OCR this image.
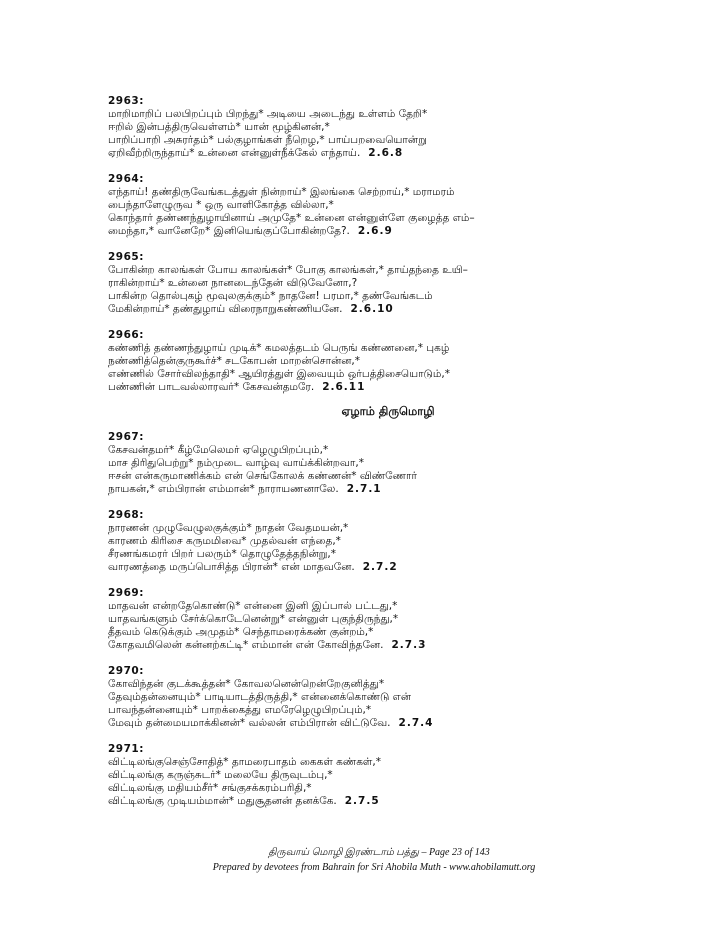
2963:
மாறிமாறிப் பலபிறப்பும் பிறந்து* அடியை அடைந்து உள்ளம் தேறி*
ஈறில் இன்பத்திருவெள்ளம்* யான் மூழ்கினன்,*
பாறிப்பாறி அசுரர்தம்* பல்குழாங்கள் நீறெழ,* பாய்பறவையொன்று
ஏறிவீற்றிருந்தாய்* உன்னை என்னுள்நீக்கேல் எந்தாய். 2.6.8
2964:
எந்தாய்! தண்திருவேங்கடத்துள் நின்றாய்* இலங்கை செற்றாய்,* மராமரம்
பைந்தாளேழுருவ * ஒரு வாளிகோத்த வில்லா,*
கொந்தார் தண்ணந்துழாயினாய் அமுதே* உன்னை என்னுள்ளே குழைத்த எம்–
மைந்தா,* வானேறே* இனியெங்குப்போகின்றதே?. 2.6.9
2965:
போகின்ற காலங்கள் போய காலங்கள்* போகு காலங்கள்,* தாய்தந்தை உயி–
ராகின்றாய்* உன்னை நானடைந்தேன் விடுவேனோ,?
பாகின்ற தொல்புகழ் மூவுலகுக்கும்* நாதனே! பரமா,* தண்வேங்கடம்
மேகின்றாய்* தண்துழாய் விரைநாறுகண்ணியனே. 2.6.10
2966:
கண்ணித் தண்ணந்துழாய் முடிக்* கமலத்தடம் பெருங் கண்ணனை,* புகழ்
நண்ணித்தென்குருகூர்ச்* சடகோபன் மாறன்சொன்ன,*
எண்ணில் சோர்விலந்தாதி* ஆயிரத்துள் இவையும் ஒர்பத்திசையொடும்,*
பண்ணின் பாடவல்லாரவர்* கேசவன்தமரே. 2.6.11
ஏழாம் திருமொழி
2967:
கேசவன்தமர்* கீழ்மேலெமர் ஏழெழுபிறப்பும்,*
மாச திரிதுபெற்று* நம்முடை வாழ்வு வாய்க்கின்றவா,*
ஈசன் என்கருமாணிக்கம் என் செங்கோலக் கண்ணன்* விண்ணோர்
நாயகன்,* எம்பிரான் எம்மான்* நாராயணனாலே. 2.7.1
2968:
நாரணன் முழுவேழுலகுக்கும்* நாதன் வேதமயன்,*
காரணம் கிரிசை கருமமிவை* முதல்வன் எந்தை,*
சீரணங்கமரர் பிறர் பலரும்* தொழுதேத்தநின்று,*
வாரணத்தை மருப்பொசித்த பிரான்* என் மாதவனே. 2.7.2
2969:
மாதவன் என்றதேகொண்டு* என்னை இனி இப்பால் பட்டது,*
யாதவங்களும் சேர்க்கொடேனென்று* என்னுள் புகுந்திருந்து,*
தீதவம் கெடுக்கும் அமுதம்* செந்தாமரைக்கண் குன்றம்,*
கோதவமிலென் கன்னற்கட்டி* எம்மான் என் கோவிந்தனே. 2.7.3
2970:
கோவிந்தன் குடக்கூத்தன்* கோவலனென்றென்றேகுனித்து*
தேவும்தன்னையும்* பாடியாடத்திருத்தி,* என்னைக்கொண்டு என்
பாவந்தன்னையும்* பாறக்கைத்து எமரேழெழுபிறப்பும்,*
மேவும் தன்மையமாக்கினன்* வல்லன் எம்பிரான் விட்டுவே. 2.7.4
2971:
விட்டிலங்குசெஞ்சோதித்* தாமரைபாதம் கைகள் கண்கள்,*
விட்டிலங்கு கருஞ்சுடர்* மலையே திருவுடம்பு,*
விட்டிலங்கு மதியம்சீர்* சங்குசக்கரம்பரிதி,*
விட்டிலங்கு முடியம்மான்* மதுசூதனன் தனக்கே. 2.7.5
திருவாய் மொழி இரண்டாம் பத்து – Page 23 of 143
Prepared by devotees from Bahrain for Sri Ahobila Muth - www.ahobilamutt.org
